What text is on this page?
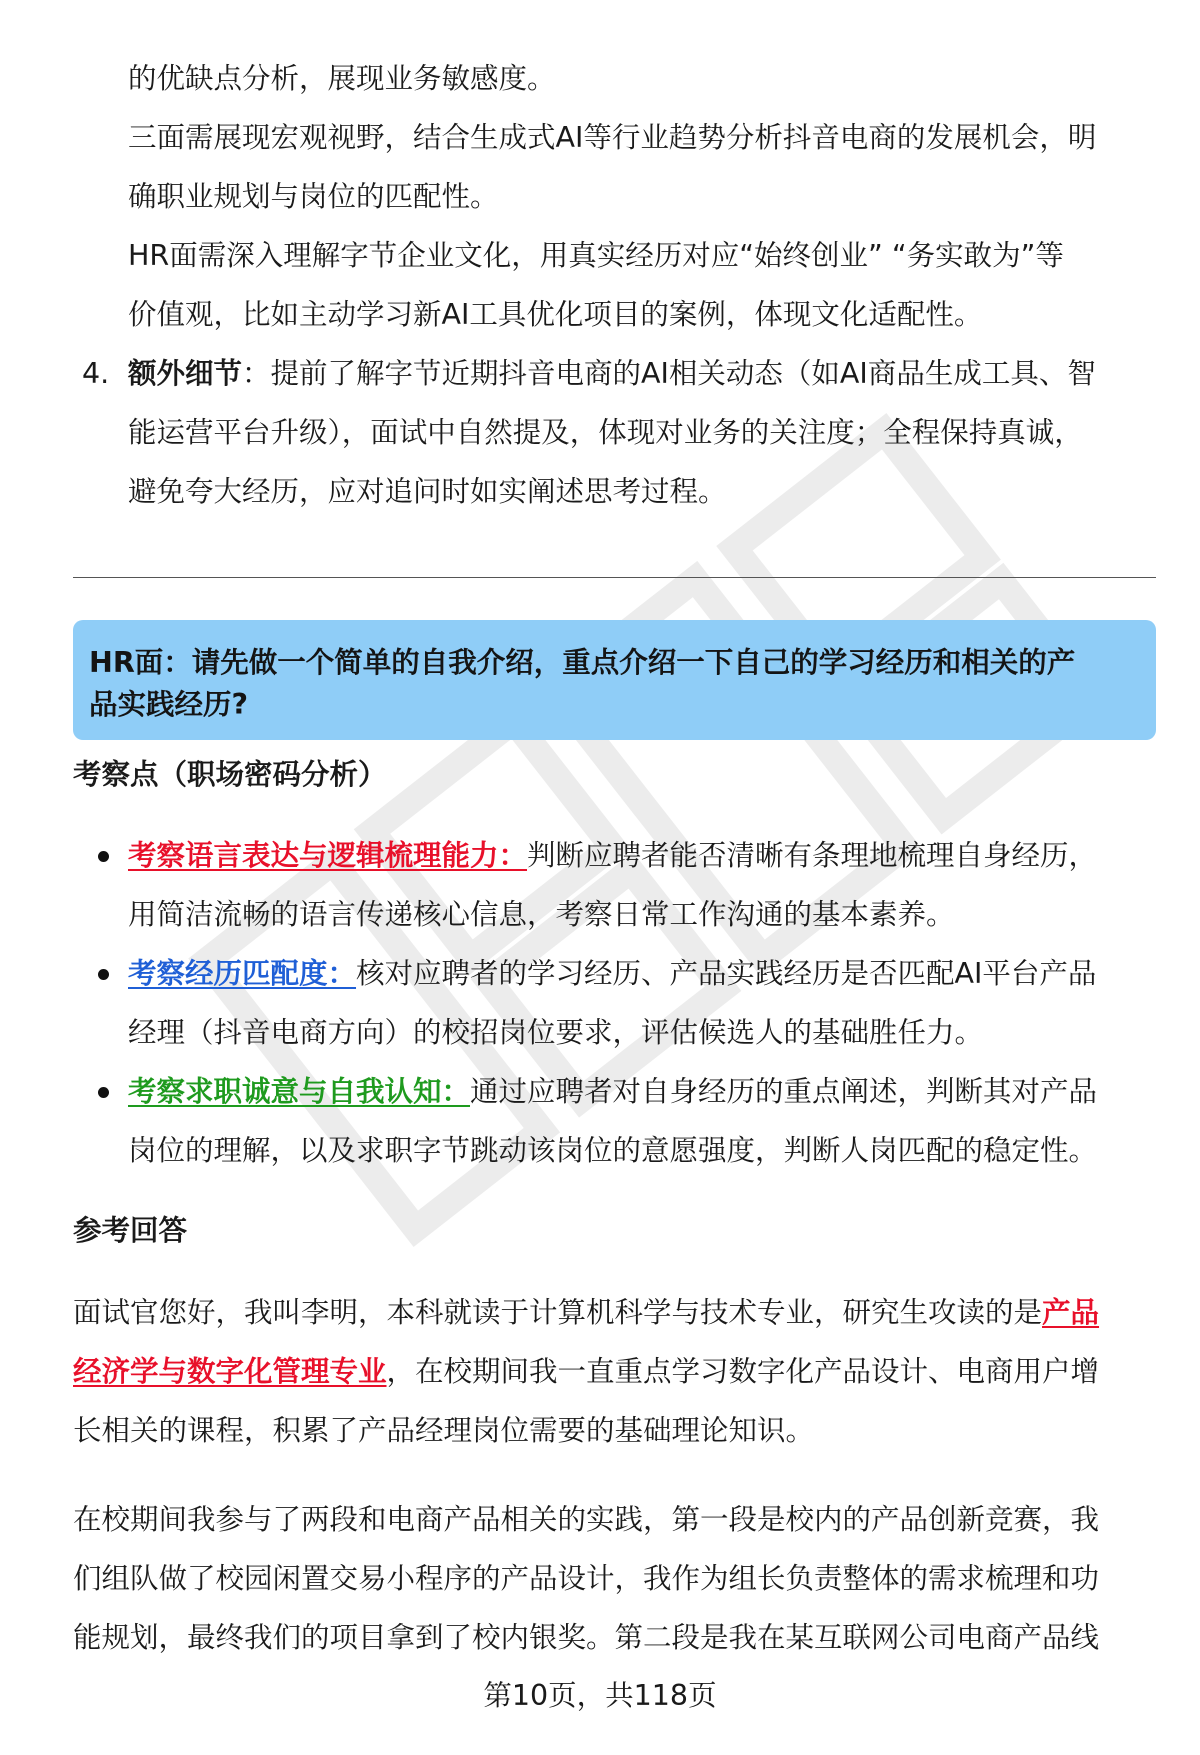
的优缺点分析，展现业务敏感度。
三面需展现宏观视野，结合生成式AI等行业趋势分析抖音电商的发展机会，明
确职业规划与岗位的匹配性。
HR面需深入理解字节企业文化，用真实经历对应“始终创业” “务实敢为”等
价值观，比如主动学习新AI工具优化项目的案例，体现文化适配性。
4. 额外细节：提前了解字节近期抖音电商的AI相关动态（如AI商品生成工具、智
能运营平台升级），面试中自然提及，体现对业务的关注度；全程保持真诚，
避免夸大经历，应对追问时如实阐述思考过程。
HR面：请先做一个简单的自我介绍，重点介绍一下自己的学习经历和相关的产
品实践经历?
考察点（职场密码分析）
考察语言表达与逻辑梳理能力：判断应聘者能否清晰有条理地梳理自身经历，
用简洁流畅的语言传递核心信息，考察日常工作沟通的基本素养。
考察经历匹配度：核对应聘者的学习经历、产品实践经历是否匹配AI平台产品
经理（抖音电商方向）的校招岗位要求，评估候选人的基础胜任力。
考察求职诚意与自我认知：通过应聘者对自身经历的重点阐述，判断其对产品
岗位的理解，以及求职字节跳动该岗位的意愿强度，判断人岗匹配的稳定性。
参考回答
面试官您好，我叫李明，本科就读于计算机科学与技术专业，研究生攻读的是产品
经济学与数字化管理专业，在校期间我一直重点学习数字化产品设计、电商用户增
长相关的课程，积累了产品经理岗位需要的基础理论知识。
在校期间我参与了两段和电商产品相关的实践，第一段是校内的产品创新竞赛，我
们组队做了校园闲置交易小程序的产品设计，我作为组长负责整体的需求梳理和功
能规划，最终我们的项目拿到了校内银奖。第二段是我在某互联网公司电商产品线
第10页，共118页
